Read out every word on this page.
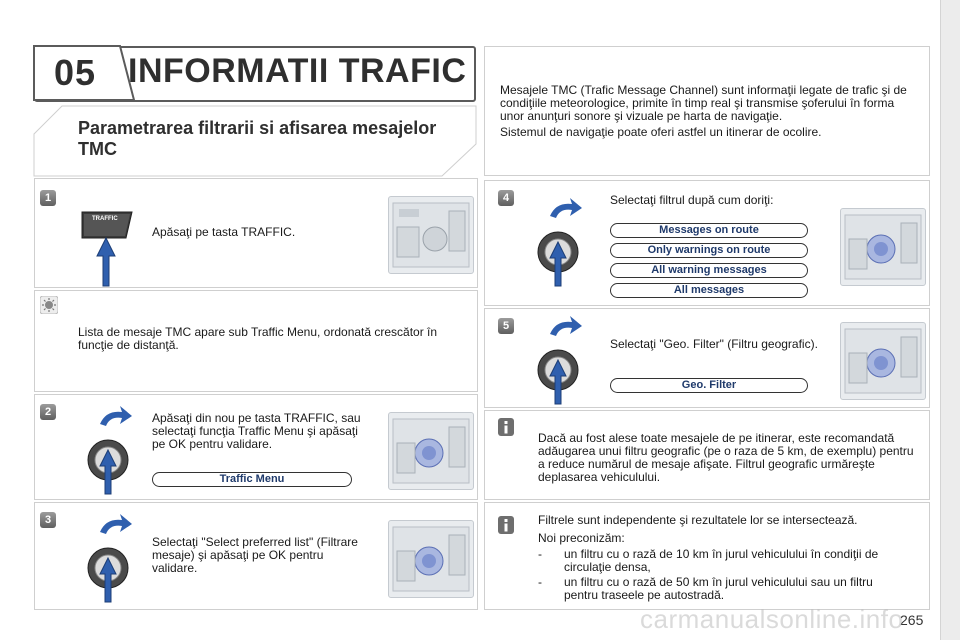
05 INFORMATII TRAFIC
Parametrarea filtrarii si afisarea mesajelor TMC
Mesajele TMC (Trafic Message Channel) sunt informaţii legate de trafic şi de condiţiile meteorologice, primite în timp real şi transmise şoferului în forma unor anunţuri sonore şi vizuale pe harta de navigaţie.
Sistemul de navigaţie poate oferi astfel un itinerar de ocolire.
1
TRAFFIC
Apăsaţi pe tasta TRAFFIC.
Lista de mesaje TMC apare sub Traffic Menu, ordonată crescător în funcţie de distanţă.
2	Apăsaţi din nou pe tasta TRAFFIC, sau selectaţi funcţia Traffic Menu şi apăsaţi pe OK pentru validare.
Traffic Menu
3
Selectaţi "Select preferred list" (Filtrare mesaje) şi apăsaţi pe OK pentru validare.
4	Selectaţi filtrul după cum doriţi:
Messages on route
Only warnings on route
All warning messages
All messages
5
Selectaţi "Geo. Filter" (Filtru geografic).
Geo. Filter
Dacă au fost alese toate mesajele de pe itinerar, este recomandată adăugarea unui filtru geografic (pe o raza de 5 km, de exemplu) pentru a reduce numărul de mesaje afişate. Filtrul geografic urmăreşte deplasarea vehiculului.
Filtrele sunt independente şi rezultatele lor se intersectează.
Noi preconizăm:
- un filtru cu o rază de 10 km în jurul vehiculului în condiţii de circulaţie densa,
- un filtru cu o rază de 50 km în jurul vehiculului sau un filtru pentru traseele pe autostradă.
265
carmanualsonline.info
